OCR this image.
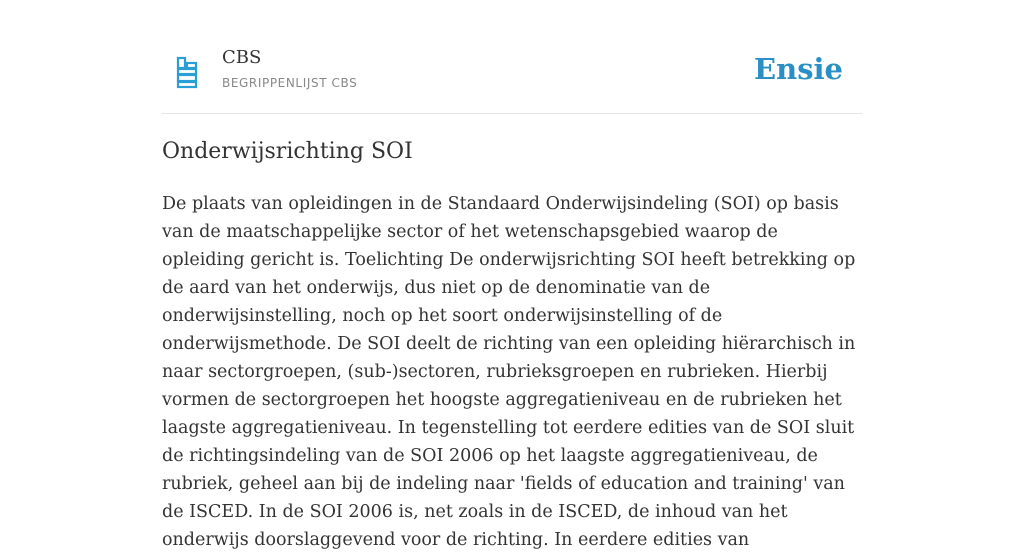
CBS
BEGRIPPENLIJST CBS	Ensie
Onderwijsrichting SOI

De plaats van opleidingen in de Standaard Onderwijsindeling (SOI) op basis van de maatschappelijke sector of het wetenschapsgebied waarop de opleiding gericht is. Toelichting De onderwijsrichting SOI heeft betrekking op de aard van het onderwijs, dus niet op de denominatie van de onderwijsinstelling, noch op het soort onderwijsinstelling of de onderwijsmethode. De SOI deelt de richting van een opleiding hiërarchisch in naar sectorgroepen, (sub-)sectoren, rubrieksgroepen en rubrieken. Hierbij vormen de sectorgroepen het hoogste aggregatieniveau en de rubrieken het laagste aggregatieniveau. In tegenstelling tot eerdere edities van de SOI sluit de richtingsindeling van de SOI 2006 op het laagste aggregatieniveau, de rubriek, geheel aan bij de indeling naar 'fields of education and training' van de ISCED. In de SOI 2006 is, net zoals in de ISCED, de inhoud van het onderwijs doorslaggevend voor de richting. In eerdere edities van
